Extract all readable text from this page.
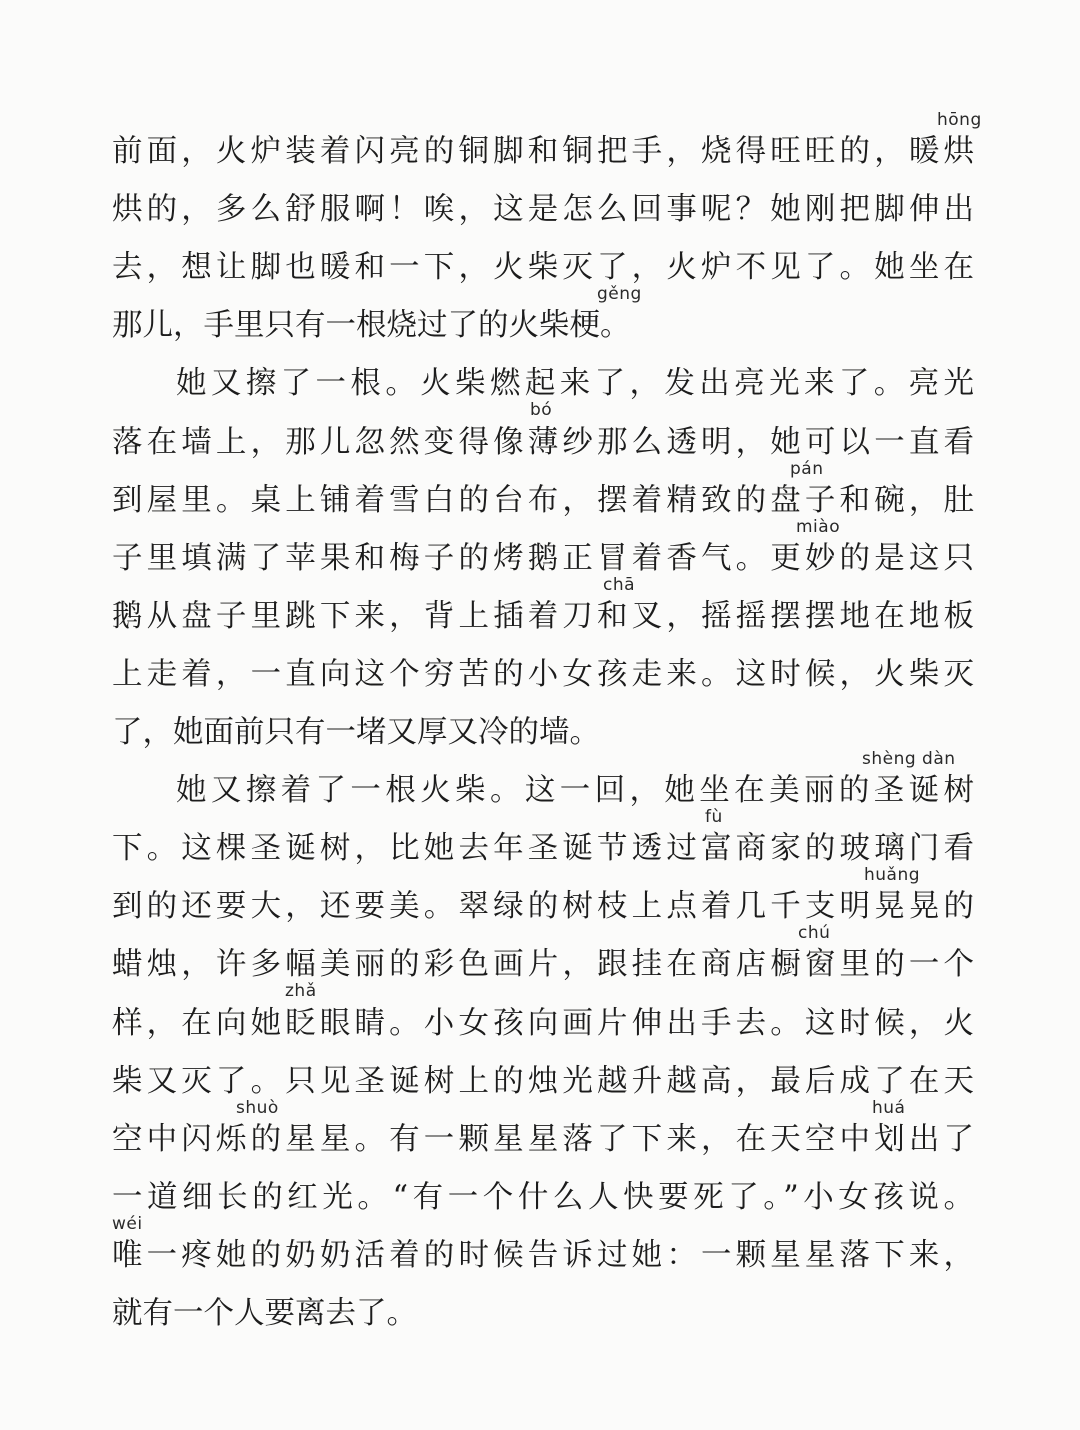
前面，火炉装着闪亮的铜脚和铜把手，烧得旺旺的，暖烘
hōng
烘的，多么舒服啊！唉，这是怎么回事呢？她刚把脚伸出
去，想让脚也暖和一下，火柴灭了，火炉不见了。她坐在
那儿，手里只有一根烧过了的火柴梗。
gěng
她又擦了一根。火柴燃起来了，发出亮光来了。亮光
落在墙上，那儿忽然变得像薄纱那么透明，她可以一直看
bó
到屋里。桌上铺着雪白的台布，摆着精致的盘子和碗，肚
pán
子里填满了苹果和梅子的烤鹅正冒着香气。更妙的是这只
miào
鹅从盘子里跳下来，背上插着刀和叉，摇摇摆摆地在地板
chā
上走着，一直向这个穷苦的小女孩走来。这时候，火柴灭
了，她面前只有一堵又厚又冷的墙。
她又擦着了一根火柴。这一回，她坐在美丽的圣诞树
shèng dàn
下。这棵圣诞树，比她去年圣诞节透过富商家的玻璃门看
fù
到的还要大，还要美。翠绿的树枝上点着几千支明晃晃的
huǎng
蜡烛，许多幅美丽的彩色画片，跟挂在商店橱窗里的一个
chú
样，在向她眨眼睛。小女孩向画片伸出手去。这时候，火
zhǎ
柴又灭了。只见圣诞树上的烛光越升越高，最后成了在天
空中闪烁的星星。有一颗星星落了下来，在天空中划出了
shuò	huá
一道细长的红光。“有一个什么人快要死了。”小女孩说。
唯一疼她的奶奶活着的时候告诉过她：一颗星星落下来，
wéi
就有一个人要离去了。
